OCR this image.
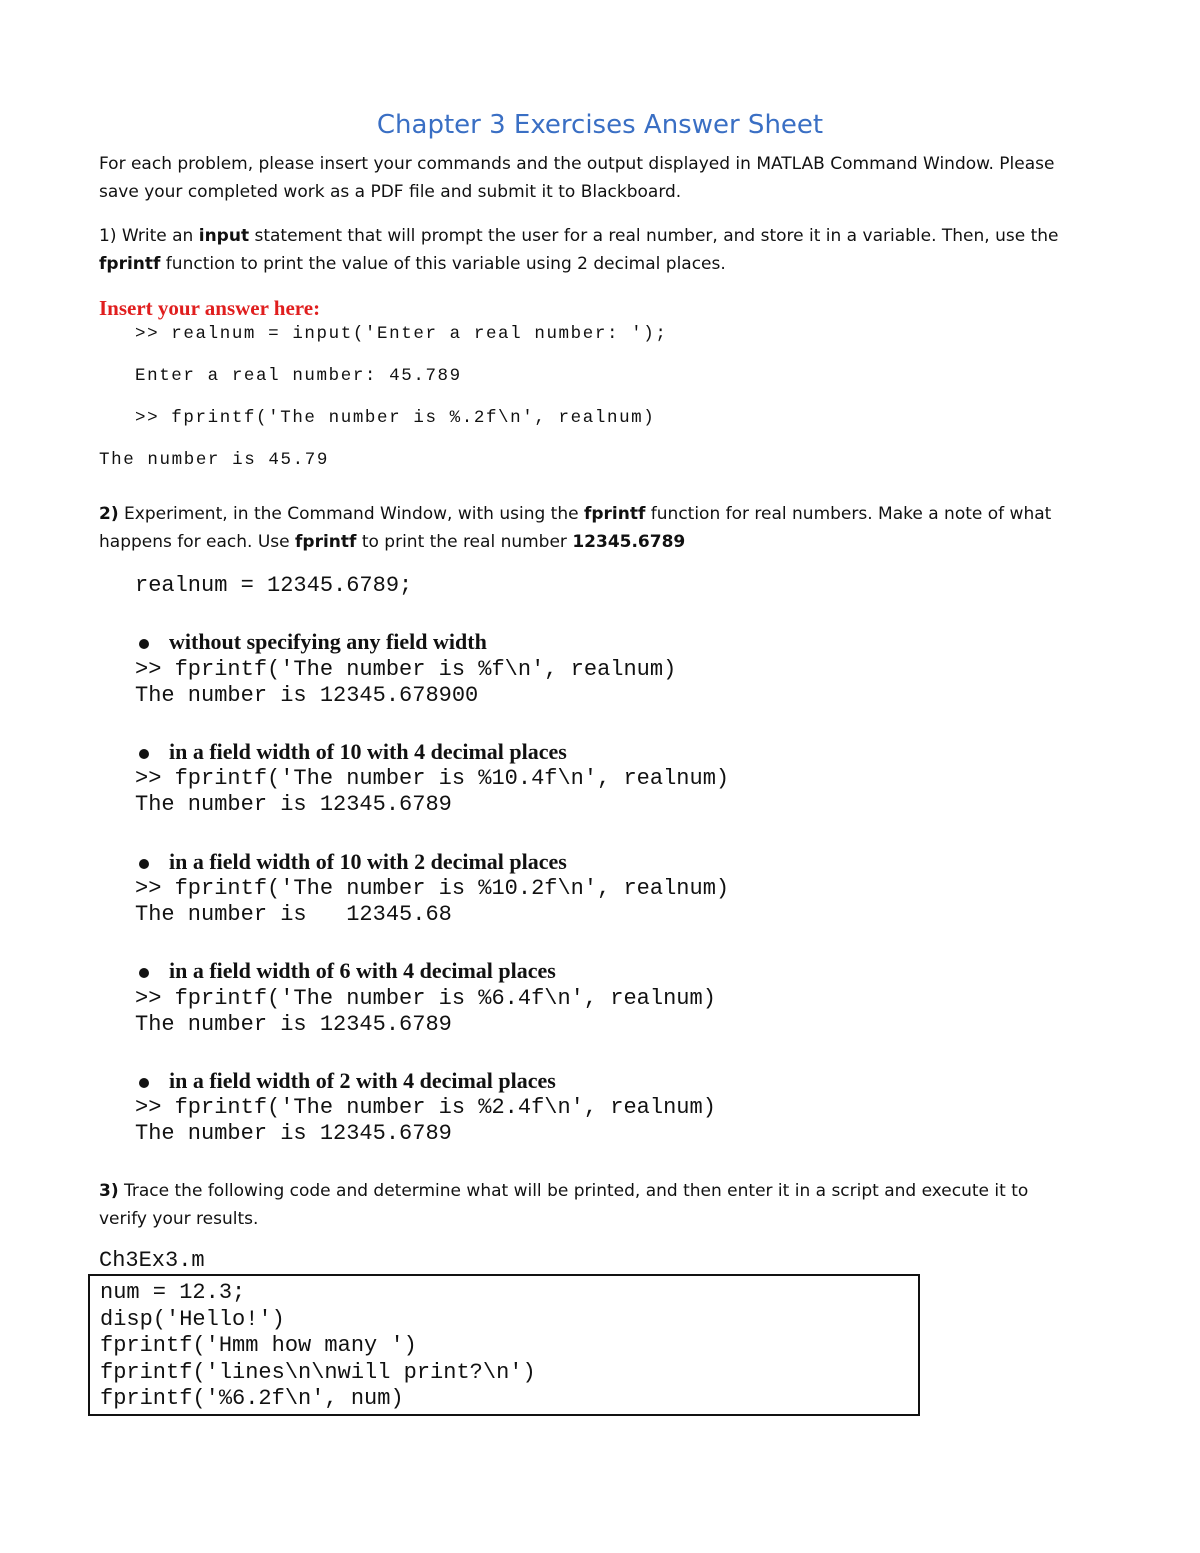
Chapter 3 Exercises Answer Sheet
For each problem, please insert your commands and the output displayed in MATLAB Command Window. Please
save your completed work as a PDF file and submit it to Blackboard.
1) Write an input statement that will prompt the user for a real number, and store it in a variable. Then, use the
fprintf function to print the value of this variable using 2 decimal places.
Insert your answer here:
>> realnum = input('Enter a real number: ');
Enter a real number: 45.789
>> fprintf('The number is %.2f\n', realnum)
The number is 45.79
2) Experiment, in the Command Window, with using the fprintf function for real numbers. Make a note of what
happens for each. Use fprintf to print the real number 12345.6789
realnum = 12345.6789;
without specifying any field width
>> fprintf('The number is %f\n', realnum)
The number is 12345.678900
in a field width of 10 with 4 decimal places
>> fprintf('The number is %10.4f\n', realnum)
The number is 12345.6789
in a field width of 10 with 2 decimal places
>> fprintf('The number is %10.2f\n', realnum)
The number is   12345.68
in a field width of 6 with 4 decimal places
>> fprintf('The number is %6.4f\n', realnum)
The number is 12345.6789
in a field width of 2 with 4 decimal places
>> fprintf('The number is %2.4f\n', realnum)
The number is 12345.6789
3) Trace the following code and determine what will be printed, and then enter it in a script and execute it to
verify your results.
Ch3Ex3.m
num = 12.3;
disp('Hello!')
fprintf('Hmm how many ')
fprintf('lines\n\nwill print?\n')
fprintf('%6.2f\n', num)
